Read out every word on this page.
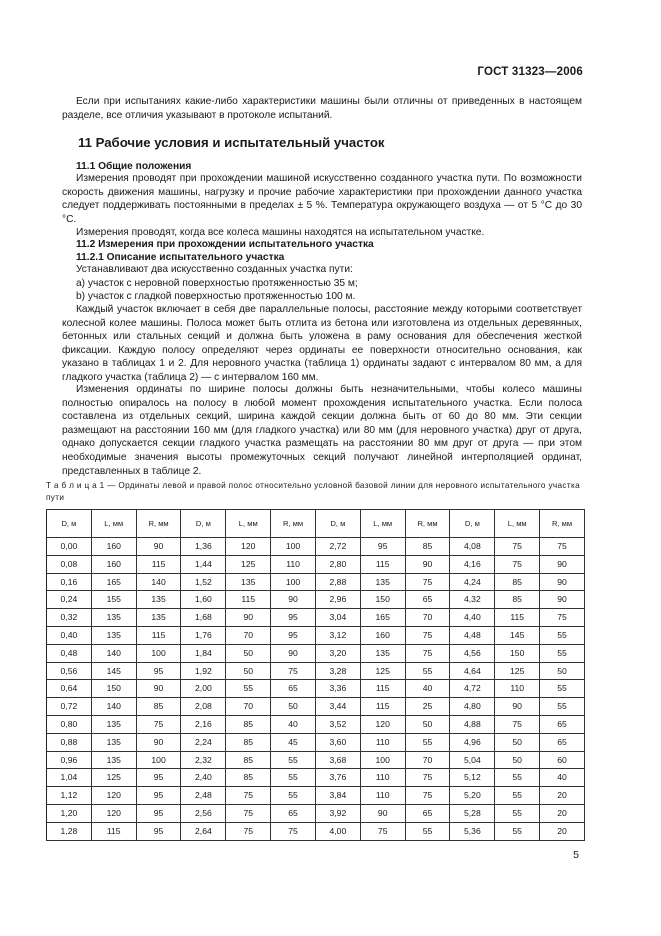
ГОСТ 31323—2006
Если при испытаниях какие-либо характеристики машины были отличны от приведенных в настоящем разделе, все отличия указывают в протоколе испытаний.
11 Рабочие условия и испытательный участок
11.1 Общие положения
Измерения проводят при прохождении машиной искусственно созданного участка пути. По возможности скорость движения машины, нагрузку и прочие рабочие характеристики при прохождении данного участка следует поддерживать постоянными в пределах ± 5 %. Температура окружающего воздуха — от 5 °С до 30 °С.
Измерения проводят, когда все колеса машины находятся на испытательном участке.
11.2 Измерения при прохождении испытательного участка
11.2.1 Описание испытательного участка
Устанавливают два искусственно созданных участка пути:
а) участок с неровной поверхностью протяженностью 35 м;
b) участок с гладкой поверхностью протяженностью 100 м.
Каждый участок включает в себя две параллельные полосы, расстояние между которыми соответствует колесной колее машины. Полоса может быть отлита из бетона или изготовлена из отдельных деревянных, бетонных или стальных секций и должна быть уложена в раму основания для обеспечения жесткой фиксации. Каждую полосу определяют через ординаты ее поверхности относительно основания, как указано в таблицах 1 и 2. Для неровного участка (таблица 1) ординаты задают с интервалом 80 мм, а для гладкого участка (таблица 2) — с интервалом 160 мм.
Изменения ординаты по ширине полосы должны быть незначительными, чтобы колесо машины полностью опиралось на полосу в любой момент прохождения испытательного участка. Если полоса составлена из отдельных секций, ширина каждой секции должна быть от 60 до 80 мм. Эти секции размещают на расстоянии 160 мм (для гладкого участка) или 80 мм (для неровного участка) друг от друга, однако допускается секции гладкого участка размещать на расстоянии 80 мм друг от друга — при этом необходимые значения высоты промежуточных секций получают линейной интерполяцией ординат, представленных в таблице 2.
Т а б л и ц а 1 — Ординаты левой и правой полос относительно условной базовой линии для неровного испытательного участка пути
D, м	L, мм	R, мм	D, м	L, мм	R, мм	D, м	L, мм	R, мм	D, м	L, мм	R, мм
0,00	160	90	1,36	120	100	2,72	95	85	4,08	75	75
0,08	160	115	1,44	125	110	2,80	115	90	4,16	75	90
0,16	165	140	1,52	135	100	2,88	135	75	4,24	85	90
0,24	155	135	1,60	115	90	2,96	150	65	4,32	85	90
0,32	135	135	1,68	90	95	3,04	165	70	4,40	115	75
0,40	135	115	1,76	70	95	3,12	160	75	4,48	145	55
0,48	140	100	1,84	50	90	3,20	135	75	4,56	150	55
0,56	145	95	1,92	50	75	3,28	125	55	4,64	125	50
0,64	150	90	2,00	55	65	3,36	115	40	4,72	110	55
0,72	140	85	2,08	70	50	3,44	115	25	4,80	90	55
0,80	135	75	2,16	85	40	3,52	120	50	4,88	75	65
0,88	135	90	2,24	85	45	3,60	110	55	4,96	50	65
0,96	135	100	2,32	85	55	3,68	100	70	5,04	50	60
1,04	125	95	2,40	85	55	3,76	110	75	5,12	55	40
1,12	120	95	2,48	75	55	3,84	110	75	5,20	55	20
1,20	120	95	2,56	75	65	3,92	90	65	5,28	55	20
1,28	115	95	2,64	75	75	4,00	75	55	5,36	55	20
5
